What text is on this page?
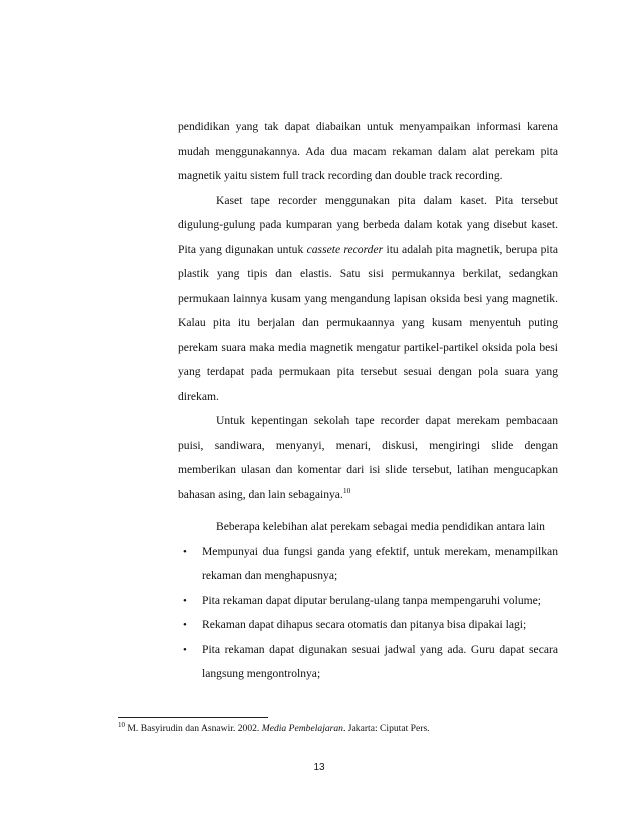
pendidikan yang tak dapat diabaikan untuk menyampaikan informasi karena mudah menggunakannya. Ada dua macam rekaman dalam alat perekam pita magnetik yaitu sistem full track recording dan double track recording.

Kaset tape recorder menggunakan pita dalam kaset. Pita tersebut digulung-gulung pada kumparan yang berbeda dalam kotak yang disebut kaset. Pita yang digunakan untuk cassete recorder itu adalah pita magnetik, berupa pita plastik yang tipis dan elastis. Satu sisi permukannya berkilat, sedangkan permukaan lainnya kusam yang mengandung lapisan oksida besi yang magnetik. Kalau pita itu berjalan dan permukaannya yang kusam menyentuh puting perekam suara maka media magnetik mengatur partikel-partikel oksida pola besi yang terdapat pada permukaan pita tersebut sesuai dengan pola suara yang direkam.

Untuk kepentingan sekolah tape recorder dapat merekam pembacaan puisi, sandiwara, menyanyi, menari, diskusi, mengiringi slide dengan memberikan ulasan dan komentar dari isi slide tersebut, latihan mengucapkan bahasan asing, dan lain sebagainya.$^{10}$

Beberapa kelebihan alat perekam sebagai media pendidikan antara lain

• Mempunyai dua fungsi ganda yang efektif, untuk merekam, menampilkan rekaman dan menghapusnya;
• Pita rekaman dapat diputar berulang-ulang tanpa mempengaruhi volume;
• Rekaman dapat dihapus secara otomatis dan pitanya bisa dipakai lagi;
• Pita rekaman dapat digunakan sesuai jadwal yang ada. Guru dapat secara langsung mengontrolnya;
$^{10}$ M. Basyirudin dan Asnawir. 2002. Media Pembelajaran. Jakarta: Ciputat Pers.
13
